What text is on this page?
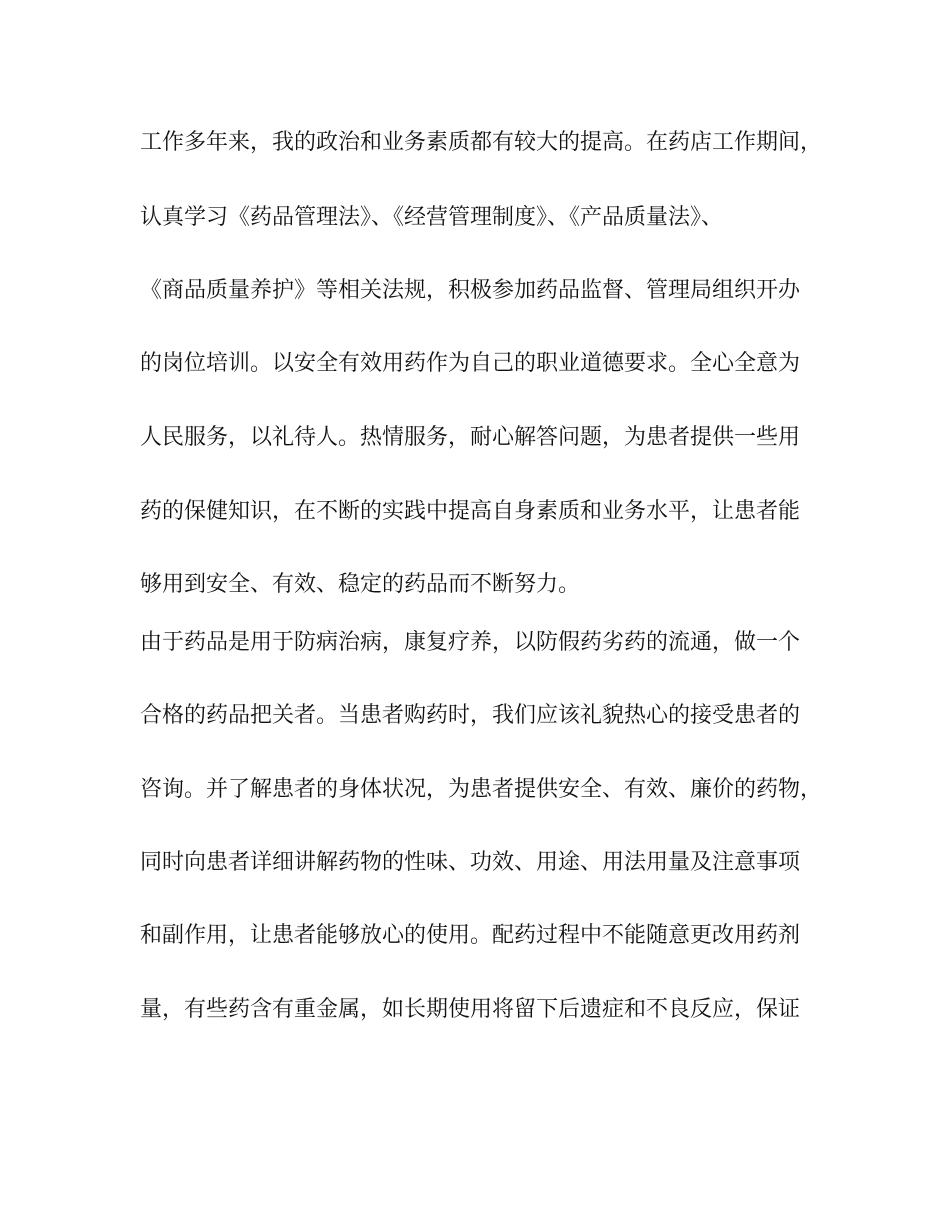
工作多年来，我的政治和业务素质都有较大的提高。在药店工作期间，
认真学习《药品管理法》、《经营管理制度》、《产品质量法》、
《商品质量养护》等相关法规，积极参加药品监督、管理局组织开办
的岗位培训。以安全有效用药作为自己的职业道德要求。全心全意为
人民服务，以礼待人。热情服务，耐心解答问题，为患者提供一些用
药的保健知识，在不断的实践中提高自身素质和业务水平，让患者能
够用到安全、有效、稳定的药品而不断努力。
由于药品是用于防病治病，康复疗养，以防假药劣药的流通，做一个
合格的药品把关者。当患者购药时，我们应该礼貌热心的接受患者的
咨询。并了解患者的身体状况，为患者提供安全、有效、廉价的药物，
同时向患者详细讲解药物的性味、功效、用途、用法用量及注意事项
和副作用，让患者能够放心的使用。配药过程中不能随意更改用药剂
量，有些药含有重金属，如长期使用将留下后遗症和不良反应，保证
